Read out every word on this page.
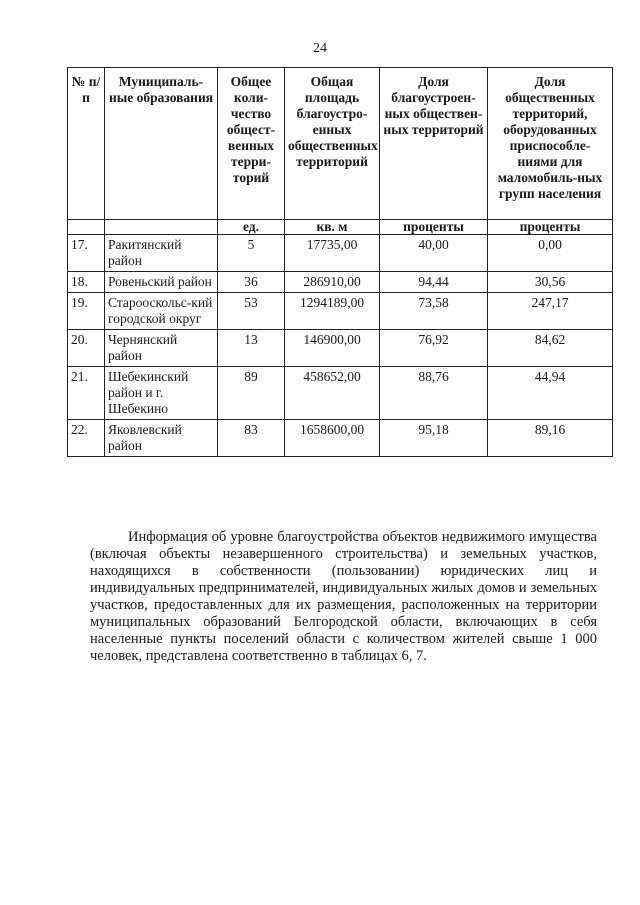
24
№ п/п	Муниципаль-ные образования	Общее коли-чество общест-венных терри-торий	Общая площадь благоустро-енных общественных территорий	Доля благоустроен-ных обществен-ных территорий	Доля общественных территорий, оборудованных приспособле-ниями для маломобиль-ных групп населения
		ед.	кв. м	проценты	проценты
17.	Ракитянский район	5	17735,00	40,00	0,00
18.	Ровеньский район	36	286910,00	94,44	30,56
19.	Старооскольс-кий городской округ	53	1294189,00	73,58	247,17
20.	Чернянский район	13	146900,00	76,92	84,62
21.	Шебекинский район и г. Шебекино	89	458652,00	88,76	44,94
22.	Яковлевский район	83	1658600,00	95,18	89,16

Информация об уровне благоустройства объектов недвижимого имущества (включая объекты незавершенного строительства) и земельных участков, находящихся в собственности (пользовании) юридических лиц и индивидуальных предпринимателей, индивидуальных жилых домов и земельных участков, предоставленных для их размещения, расположенных на территории муниципальных образований Белгородской области, включающих в себя населенные пункты поселений области с количеством жителей свыше 1 000 человек, представлена соответственно в таблицах 6, 7.
